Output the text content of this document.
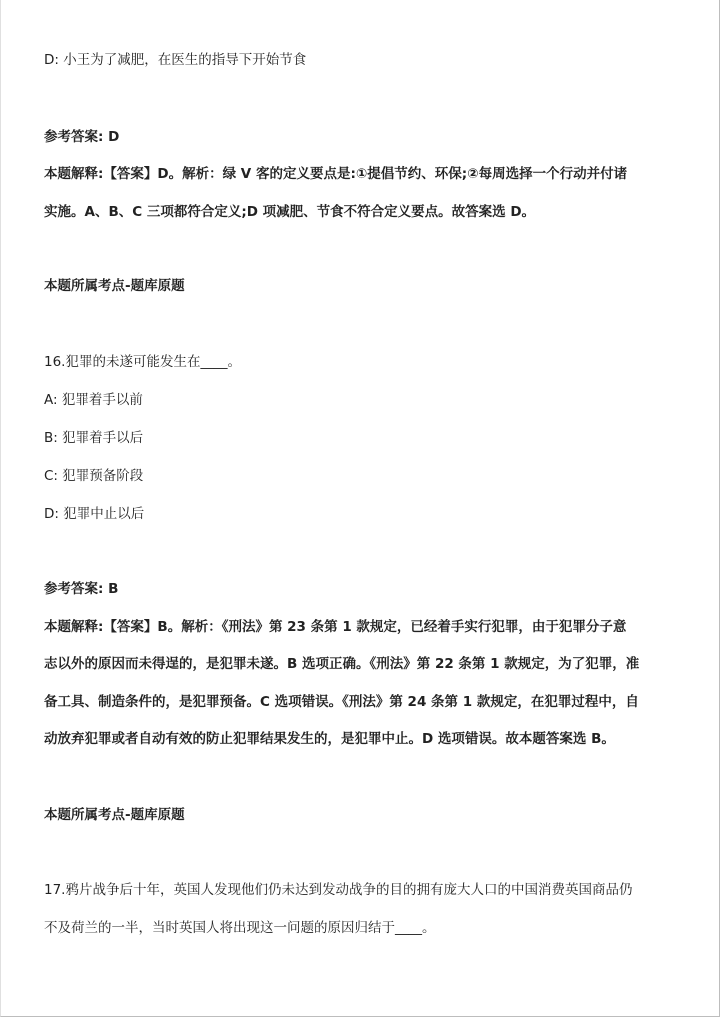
D: 小王为了减肥，在医生的指导下开始节食
参考答案: D
本题解释:【答案】D。解析：绿 V 客的定义要点是:①提倡节约、环保;②每周选择一个行动并付诸
实施。A、B、C 三项都符合定义;D 项减肥、节食不符合定义要点。故答案选 D。
本题所属考点-题库原题
16.犯罪的未遂可能发生在____。
A: 犯罪着手以前
B: 犯罪着手以后
C: 犯罪预备阶段
D: 犯罪中止以后
参考答案: B
本题解释:【答案】B。解析：《刑法》第 23 条第 1 款规定，已经着手实行犯罪，由于犯罪分子意
志以外的原因而未得逞的，是犯罪未遂。B 选项正确。《刑法》第 22 条第 1 款规定，为了犯罪，准
备工具、制造条件的，是犯罪预备。C 选项错误。《刑法》第 24 条第 1 款规定，在犯罪过程中，自
动放弃犯罪或者自动有效的防止犯罪结果发生的，是犯罪中止。D 选项错误。故本题答案选 B。
本题所属考点-题库原题
17.鸦片战争后十年，英国人发现他们仍未达到发动战争的目的拥有庞大人口的中国消费英国商品仍
不及荷兰的一半，当时英国人将出现这一问题的原因归结于____。
